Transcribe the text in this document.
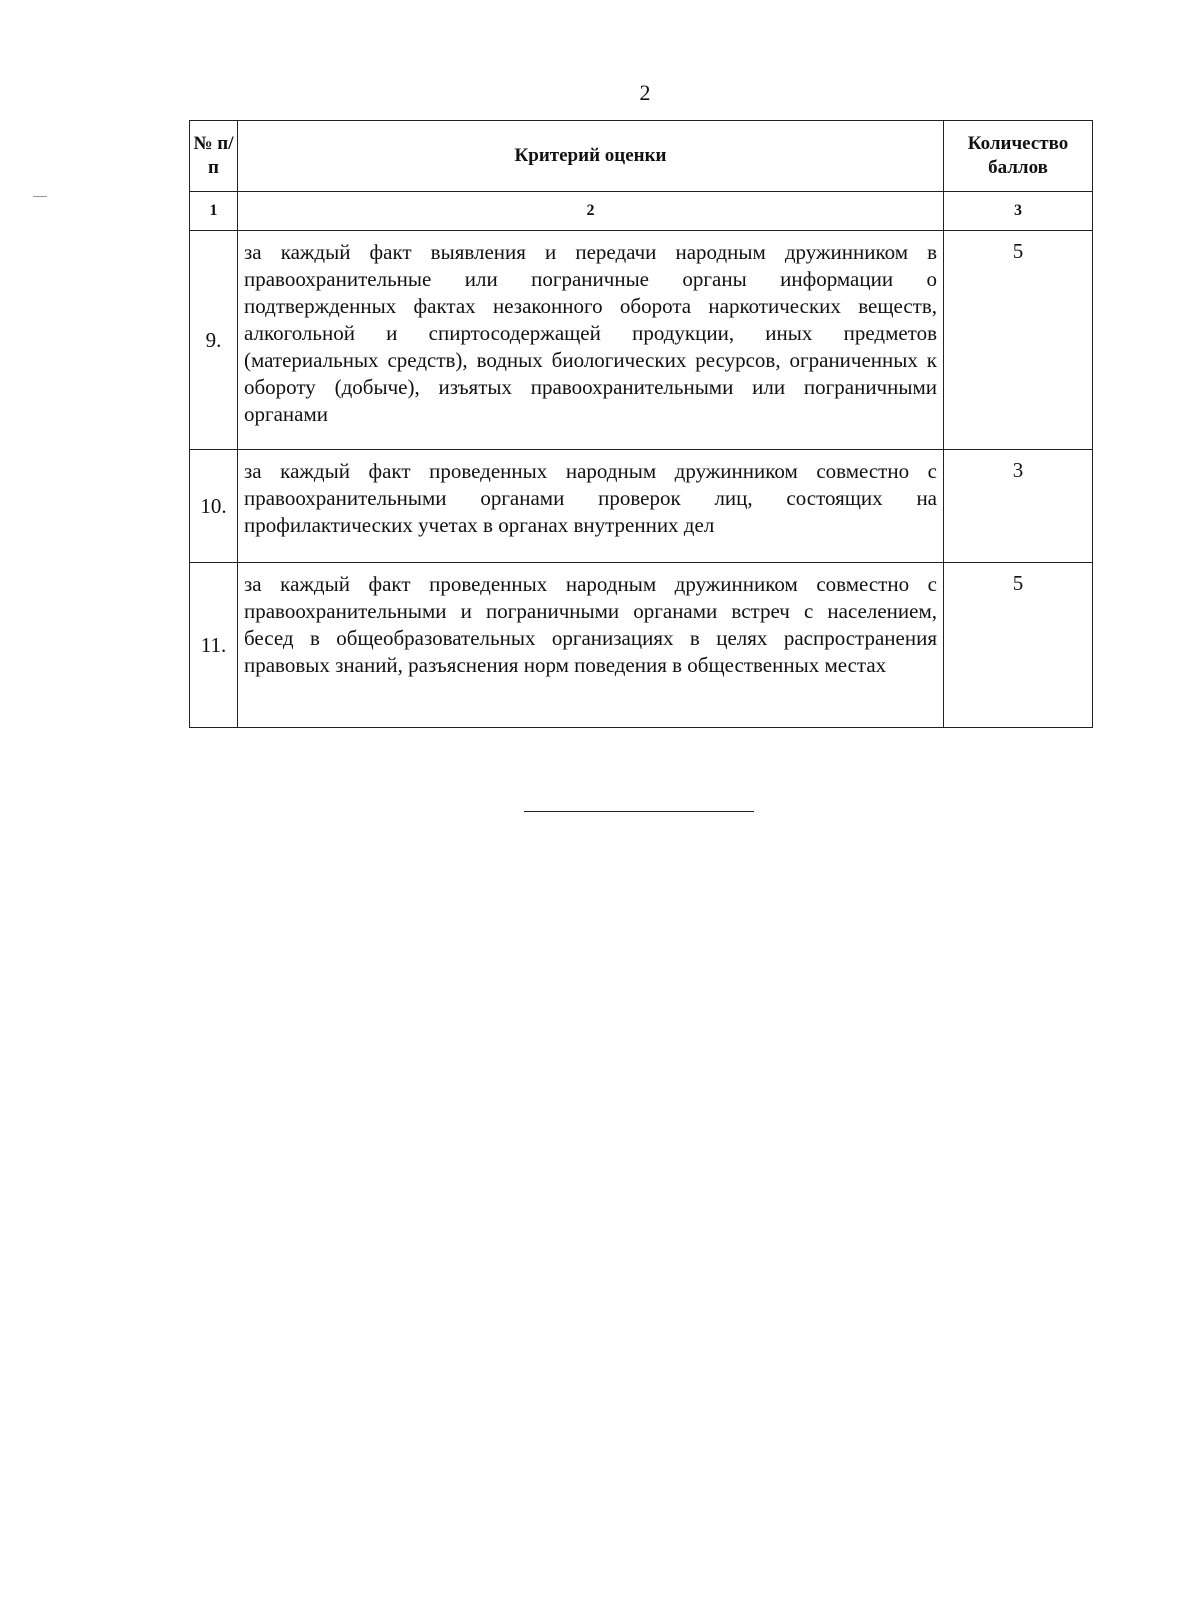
2
№ п/п	Критерий оценки	Количество баллов
1	2	3
9.	за каждый факт выявления и передачи народным дружинником в правоохранительные или пограничные органы информации о подтвержденных фактах незаконного оборота наркотических веществ, алкогольной и спиртосодержащей продукции, иных предметов (материальных средств), водных биологических ресурсов, ограниченных к обороту (добыче), изъятых правоохранительными или пограничными органами	5
10.	за каждый факт проведенных народным дружинником совместно с правоохранительными органами проверок лиц, состоящих на профилактических учетах в органах внутренних дел	3
11.	за каждый факт проведенных народным дружинником совместно с правоохранительными и пограничными органами встреч с населением, бесед в общеобразовательных организациях в целях распространения правовых знаний, разъяснения норм поведения в общественных местах	5
